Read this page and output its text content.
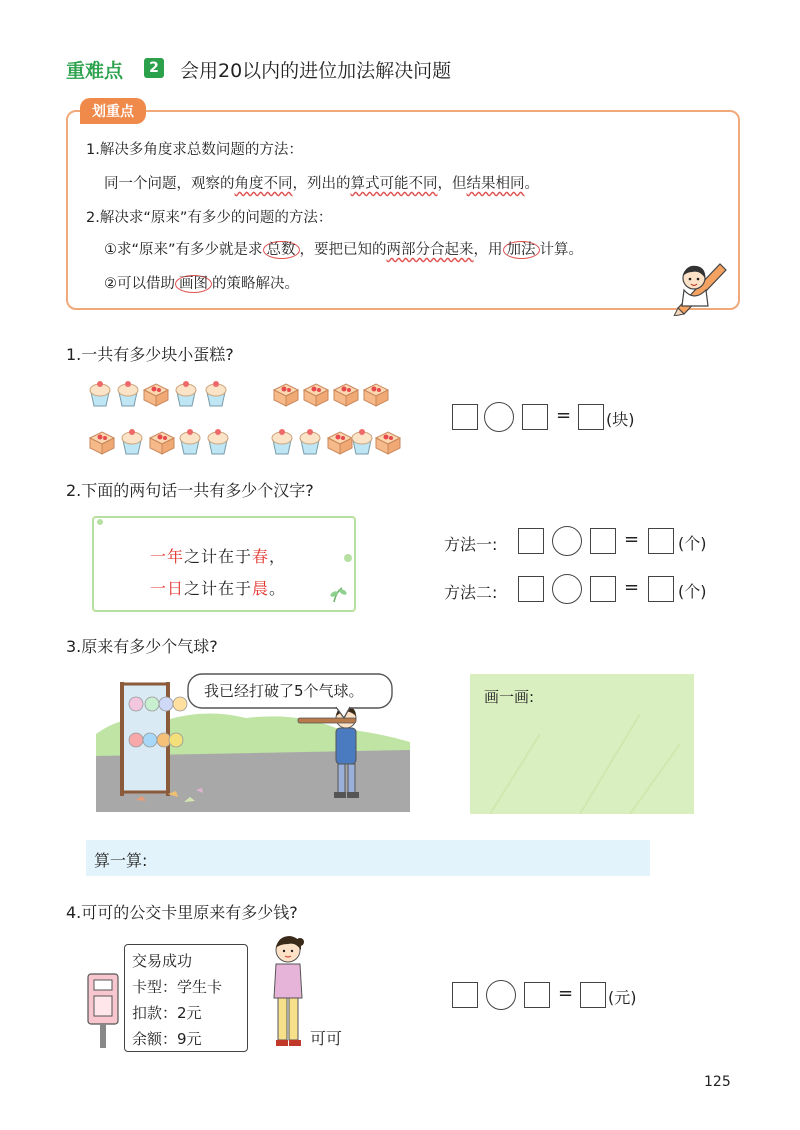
重难点	2 会用20以内的进位加法解决问题
划重点
1.解决多角度求总数问题的方法：
同一个问题，观察的角度不同，列出的算式可能不同，但结果相同。
2.解决求“原来”有多少的问题的方法：
①求“原来”有多少就是求 总数 ，要把已知的两部分合起来，用 加法 计算。
②可以借助 画图 的策略解决。
1.一共有多少块小蛋糕?
= (块)
2.下面的两句话一共有多少个汉字?
一年之计在于春，
一日之计在于晨。
方法一:	= (个)
方法二:	= (个)
3.原来有多少个气球?
我已经打破了5个气球。	画一画:
算一算:
4.可可的公交卡里原来有多少钱?
交易成功
卡型：学生卡
扣款：2元
余额：9元	可可
= (元)
125
